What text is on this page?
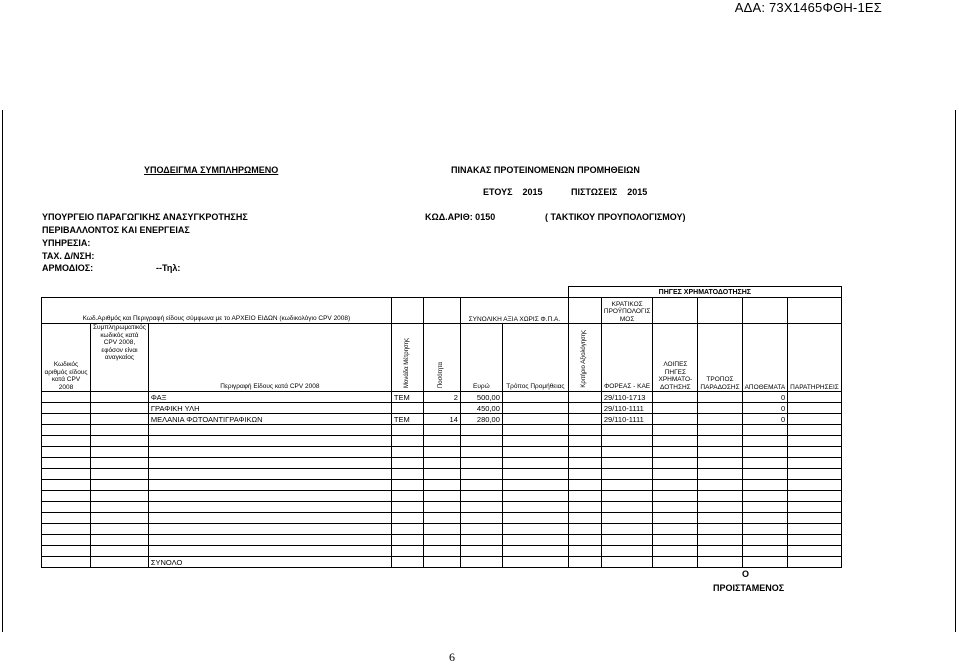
ΑΔΑ: 73Χ1465ΦΘΗ-1ΕΣ
ΥΠΟΔΕΙΓΜΑ ΣΥΜΠΛΗΡΩΜΕΝΟ	ΠΙΝΑΚΑΣ ΠΡΟΤΕΙΝΟΜΕΝΩΝ ΠΡΟΜΗΘΕΙΩΝ
ΕΤΟΥΣ 2015	ΠΙΣΤΩΣΕΙΣ 2015
ΥΠΟΥΡΓΕΙΟ ΠΑΡΑΓΩΓΙΚΗΣ ΑΝΑΣΥΓΚΡΟΤΗΣΗΣ
ΠΕΡΙΒΑΛΛΟΝΤΟΣ ΚΑΙ ΕΝΕΡΓΕΙΑΣ
ΥΠΗΡΕΣΙΑ:
ΤΑΧ. Δ/ΝΣΗ:
ΑΡΜΟΔΙΟΣ:	--Τηλ:
ΚΩΔ.ΑΡΙΘ: 0150	( ΤΑΚΤΙΚΟΥ ΠΡΟΥΠΟΛΟΓΙΣΜΟΥ)
							ΠΗΓΕΣ ΧΡΗΜΑΤΟΔΟΤΗΣΗΣ					
Κωδ.Αριθμός και Περιγραφή είδους σύμφωνα με το ΑΡΧΕΙΟ ΕΙΔΩΝ (κωδικολόγιο CPV 2008)					ΣΥΝΟΛΙΚΗ ΑΞΙΑ ΧΩΡΙΣ Φ.Π.Α.			ΚΡΑΤΙΚΟΣ ΠΡΟΫΠΟΛΟΓΙΣ ΜΟΣ				
Κωδικός αριθμός είδους κατά CPV 2008	Συμπληρωματικός κωδικός κατά CPV 2008, εφόσον είναι αναγκαίος	Περιγραφή Είδους κατά CPV 2008	Μονάδα Μέτρησης	Ποσότητα	Ευρώ	Τρόπος Προμήθειας	Κριτήριο Αξιολόγησης	ΦΟΡΕΑΣ - ΚΑΕ	ΛΟΙΠΕΣ ΠΗΓΕΣ ΧΡΗΜΑΤΟ-ΔΟΤΗΣΗΣ	ΤΡΟΠΟΣ ΠΑΡΑΔΟΣΗΣ	ΑΠΟΘΕΜΑΤΑ	ΠΑΡΑΤΗΡΗΣΕΙΣ
		ΦΑΞ	ΤΕΜ	2	500,00			29/110-1713			0	
		ΓΡΑΦΙΚΗ ΥΛΗ			450,00			29/110-1111			0	
		ΜΕΛΑΝΙΑ ΦΩΤΟΑΝΤΙΓΡΑΦΙΚΩΝ	ΤΕΜ	14	280,00			29/110-1111			0	

		ΣΥΝΟΛΟ										
Ο
ΠΡΟΙΣΤΑΜΕΝΟΣ
6
